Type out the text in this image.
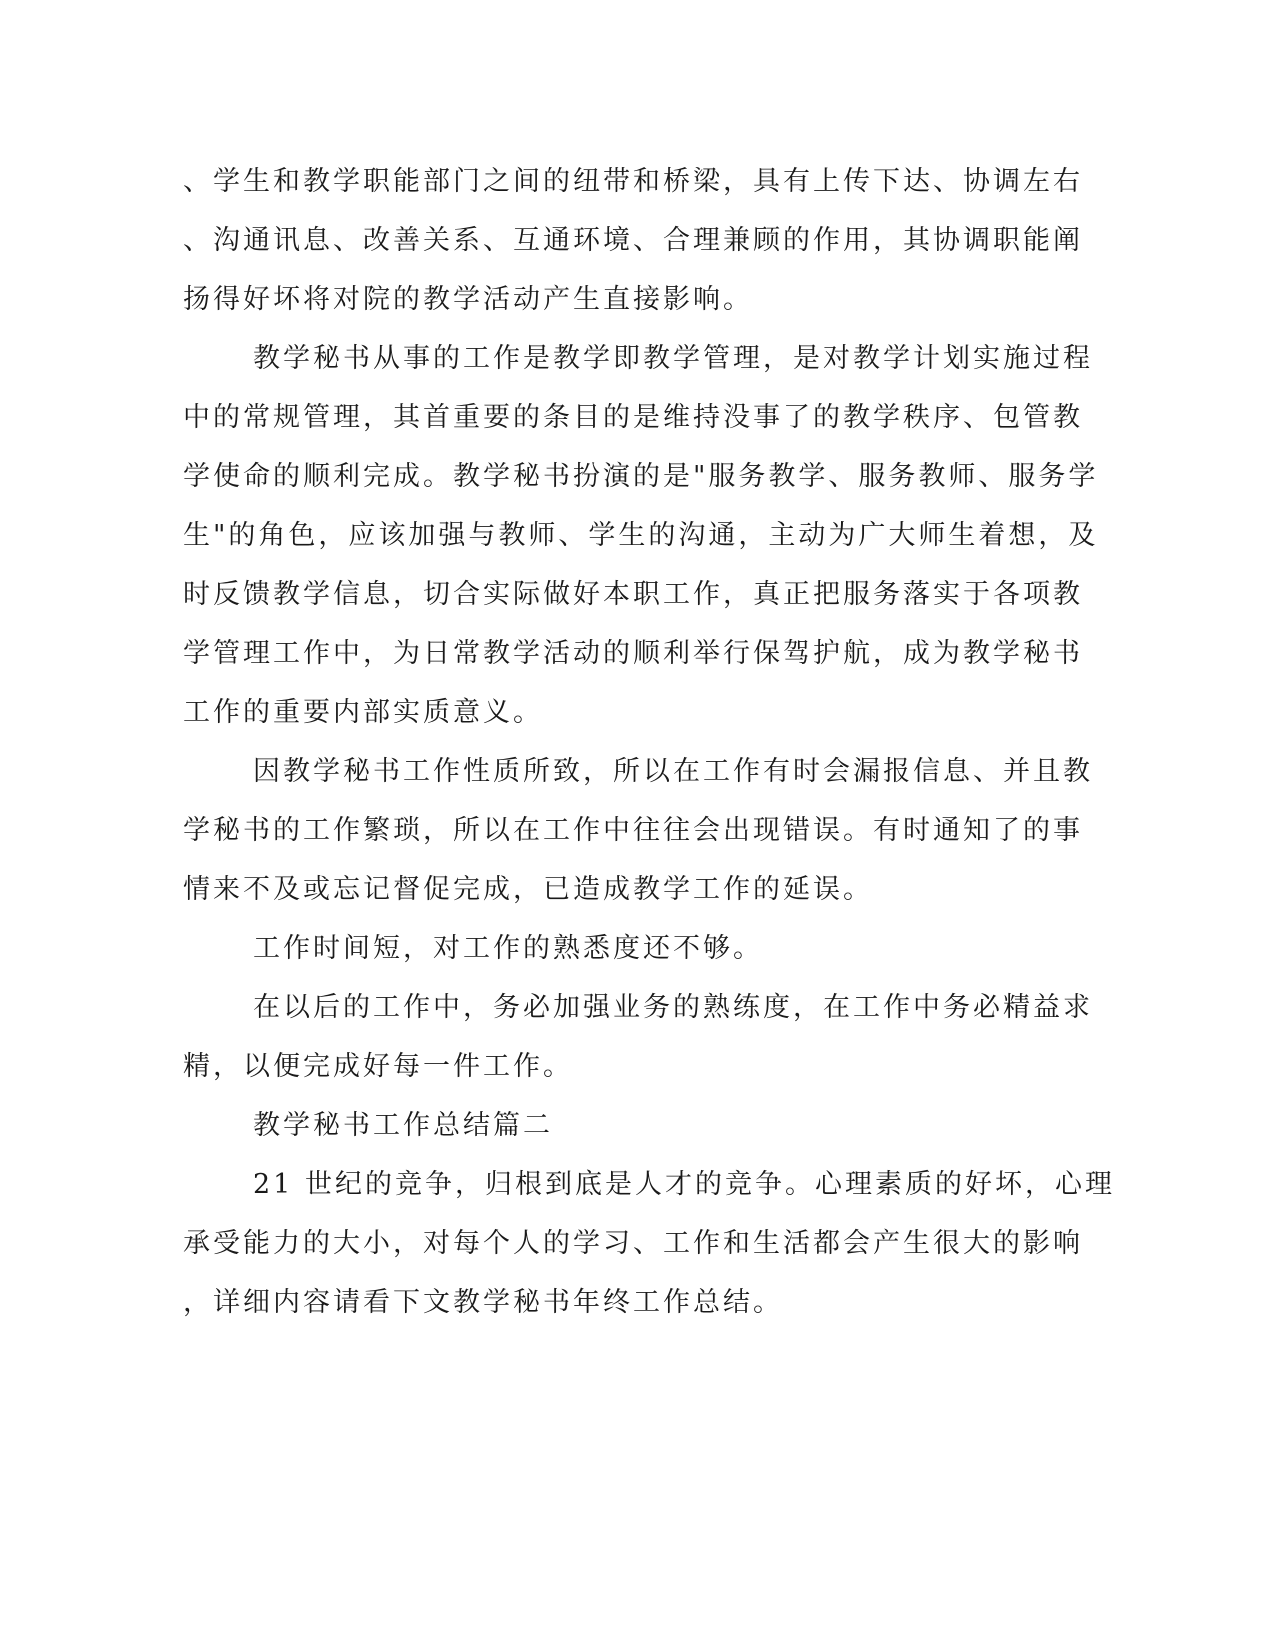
、学生和教学职能部门之间的纽带和桥梁，具有上传下达、协调左右
、沟通讯息、改善关系、互通环境、合理兼顾的作用，其协调职能阐
扬得好坏将对院的教学活动产生直接影响。
教学秘书从事的工作是教学即教学管理，是对教学计划实施过程
中的常规管理，其首重要的条目的是维持没事了的教学秩序、包管教
学使命的顺利完成。教学秘书扮演的是"服务教学、服务教师、服务学
生"的角色，应该加强与教师、学生的沟通，主动为广大师生着想，及
时反馈教学信息，切合实际做好本职工作，真正把服务落实于各项教
学管理工作中，为日常教学活动的顺利举行保驾护航，成为教学秘书
工作的重要内部实质意义。
因教学秘书工作性质所致，所以在工作有时会漏报信息、并且教
学秘书的工作繁琐，所以在工作中往往会出现错误。有时通知了的事
情来不及或忘记督促完成，已造成教学工作的延误。
工作时间短，对工作的熟悉度还不够。
在以后的工作中，务必加强业务的熟练度，在工作中务必精益求
精，以便完成好每一件工作。
教学秘书工作总结篇二
21 世纪的竞争，归根到底是人才的竞争。心理素质的好坏，心理
承受能力的大小，对每个人的学习、工作和生活都会产生很大的影响
，详细内容请看下文教学秘书年终工作总结。
